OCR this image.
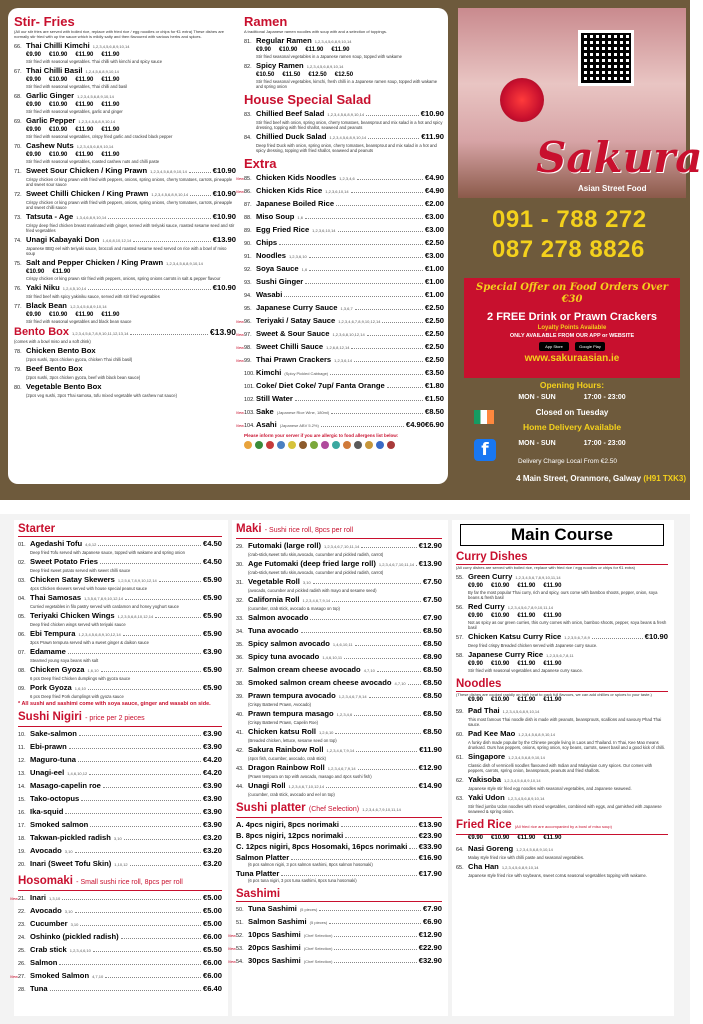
Stir- Fries
(All our stir fries are served with boiled rice, replace with fried rice / egg noodles or chips for €1 extra) These dishes are normally stir fried with up the sauce which is mildly salty and then flavoured with various herbs and spices.
66. Thai Chilli Kimchi 1,2,3,4,5,6,8,9,10,14
€9.90 €10.90 €11.90 €11.90
Stir fried with seasonal vegetables. Thai chilli with kimchi and spicy sauce
67. Thai Chilli Basil 1,2,4,5,6,8,9,10,14
€9.90 €10.90 €11.90 €11.90
Stir fried with seasonal vegetables, Thai chilli and basil
68. Garlic Ginger 1,2,3,4,5,6,8,9,10,14
€9.90 €10.90 €11.90 €11.90
Stir fried with seasonal vegetables, garlic and ginger
69. Garlic Pepper 1,2,3,4,5,6,8,9,10,14
€9.90 €10.90 €11.90 €11.90
Stir fried with seasonal vegetables, crispy fried garlic and cracked black pepper
70. Cashew Nuts 1,2,3,4,5,6,8,9,10,14
€9.90 €10.90 €11.90 €11.90
Stir fried with seasonal vegetables, roasted cashew nuts and chilli paste
71. Sweet Sour Chicken / King Prawn 1,2,3,4,5,6,8,9,10,14	€10.90
Crispy chicken or king prawn with fried with peppers, onions, spring onions, cherry tomatoes, carrots, pineapple and sweet sour sauce
72. Sweet Chilli Chicken / King Prawn 1,2,3,4,5,6,8,9,10,14	€10.90
Crispy chicken or king prawn with fried with peppers, onions, spring onions, cherry tomatoes, carrots, pineapple and sweet chilli sauce
73. Tatsuta - Age 1,3,4,6,8,9,10,14	€10.90
Crispy deep fried chicken breast marinated with ginger, served with teriyaki sauce, roasted sesame seed and stir fried vegetables
74. Unagi Kabayaki Don 1,4,6,8,10,12,14	€13.90
Japanese BBQ eel with teriyaki sauce, broccoli and roasted sesame seed served on rice with a bowl of miso soup
75. Salt and Pepper Chicken / King Prawn 1,2,3,4,5,6,8,9,10,14
€10.90 €11.90
Crispy chicken or king prawn stir fried with peppers, onions, spring onions carrots in salt & pepper flavour
76. Yaki Niku 1,2,4,5,10,14	€10.90
Stir fried beef with spicy yakiniku sauce, served with stir fried vegetables
77. Black Bean 1,2,3,4,5,6,8,9,10,14
€9.90 €10.90 €11.90 €11.90
Stir fried with seasonal vegetables and black bean sauce
Bento Box 1,2,3,4,5,6,7,8,9,10,11,12,13,14	€13.90
(comes with a bowl miso and a soft drink)
78. Chicken Bento Box
(2pcs sushi, 3pcs chicken gyoza, chicken Thai chilli basil)
79. Beef Bento Box
(2pcs sushi, 3pcs chicken gyoza, beef with black bean sauce)
80. Vegetable Bento Box
(2pcs veg sushi, 3pcs Thai samosa, tofu mixed vegetable with cashew nut sauce)
Ramen
A traditional Japanese ramen noodles with soup with and a selection of toppings.
81. Regular Ramen 1,2,3,4,5,6,8,9,10,14
€9.90 €10.90 €11.90 €11.90
Stir fried seasonal vegetables in a Japanese ramen soup, topped with wakame
82. Spicy Ramen 1,2,3,4,5,6,8,9,10,14
€10.50 €11.50 €12.50 €12.50
Stir fried seasonal vegetables, kimchi, fresh chilli in a Japanese ramen soup, topped with wakame and spring onion
House Special Salad
83. Chillied Beef Salad 1,2,3,4,5,6,8,9,10,14	€10.90
Stir fried beef with onion, spring onion, cherry tomatoes, beansprout and mix salad in a hot and spicy dressing, topping with fried shallot, seaweed and peanuts
84. Chillied Duck Salad 1,2,3,4,5,6,8,9,10,14	€11.90
Deep fried Duck with onion, spring onion, cherry tomatoes, beansprout and mix salad in a hot and spicy dressing, topping with fried shallot, seaweed and peanuts
Extra
New 85. Chicken Kids Noodles 1,2,3,4,6	€4.90
New 86. Chicken Kids Rice 1,2,3,6,10,14	€4.90
87. Japanese Boiled Rice	€2.00
88. Miso Soup 1,6	€3.00
89. Egg Fried Rice 1,2,3,6,10,14	€3.00
90. Chips	€2.50
91. Noodles 1,2,3,6,10	€3.00
92. Soya Sauce 1,6	€1.00
93. Sushi Ginger	€1.00
94. Wasabi	€1.00
95. Japanese Curry Sauce 1,3,6,7	€2.50
New 96. Teriyaki / Satay Sauce 1,2,3,4,6,7,8,9,10,12,14	€2.50
New 97. Sweet & Sour Sauce 1,2,3,6,8,10,12,14	€2.50
New 98. Sweet Chilli Sauce 1,2,6,8,12,14	€2.50
New 99. Thai Prawn Crackers 1,2,3,6,14	€2.50
100. Kimchi (Spicy Pickled Cabbage)	€3.50
101. Coke/ Diet Coke/ 7up/ Fanta Orange	€1.80
102. Still Water	€1.50
New 103. Sake (Japanese Rice Wine, 180ml)	€8.50
New 104. Asahi (Japanese ABV 5.2%)	€4.90 €6.90
Please inform your server if you are allergic to food allergens list below:
Sakura
Asian Street Food
091 - 788 272
087 278 8826
Special Offer on Food Orders Over €30
2 FREE Drink or Prawn Crackers
Loyalty Points Available
ONLY AVAILABLE FROM OUR APP or WEBSITE
App Store	Google Play
www.sakuraasian.ie
Opening Hours:
MON - SUN	17:00 - 23:00
Closed on Tuesday
Home Delivery Available
MON - SUN	17:00 - 23:00
f
Delivery Charge Local From €2.50
4 Main Street, Oranmore, Galway (H91 TXK3)
Starter
01. Agedashi Tofu 4,6,12	€4.50
Deep fried Tofu served with Japanese sauce, topped with wakame and spring onion
02. Sweet Potato Fries	€4.50
Deep fried sweet potato served with sweet chilli sauce
03. Chicken Satay Skewers 1,2,5,6,7,8,9,10,12,14	€5.90
4pcs Chicken skewers served with house special peanut sauce
04. Thai Samosas 1,3,5,6,7,8,9,10,12,14	€5.90
Curried vegetables in filo pastry served with cardamon and honey yoghurt sauce
05. Teriyaki Chicken Wings 1,2,3,5,6,8,10,12,14	€5.90
Deep fried chicken wings served with teriyaki sauce
06. Ebi Tempura 1,2,3,4,5,6,8,9,10,12,14	€5.90
3pcs Prawn tempura served with a sweet ginger & daikon sauce
07. Edamame	€3.90
Steamed young soya beans with salt
08. Chicken Gyoza 1,6,10	€5.90
6 pcs Deep fried Chicken dumplings with gyoza sauce
09. Pork Gyoza 1,6,10	€5.90
6 pcs Deep fried Pork dumplings with gyoza sauce
* All sushi and sashimi come with soya sauce, ginger and wasabi on side.
Sushi Nigiri - price per 2 pieces
10. Sake-salmon	€3.90
11. Ebi-prawn	€3.90
12. Maguro-tuna	€4.20
13. Unagi-eel 1,4,6,10,12	€4.20
14. Masago-capelin roe	€3.90
15. Tako-octopus	€3.90
16. Ika-squid	€3.90
17. Smoked salmon	€3.90
18. Takwan-pickled radish 3,10	€3.20
19. Avocado 3,10	€3.20
20. Inari (Sweet Tofu Skin) 1,10,12	€3.20
Hosomaki - Small sushi rice roll, 8pcs per roll
New 21. Inari 1,3,10	€5.00
22. Avocado 3,10	€5.00
23. Cucumber 3,10	€5.00
24. Oshinko (pickled radish)	€6.00
25. Crab stick 1,2,3,4,6,10	€5.50
26. Salmon	€6.00
New 27. Smoked Salmon 4,7,10	€6.00
28. Tuna	€6.40
Maki - Sushi rice roll, 8pcs per roll
29. Futomaki (large roll) 1,2,3,4,6,7,10,11,14	€12.90
(crab-stick,sweet tofu skin,avocado, cucumber and pickled radish, carrot)
30. Age Futomaki (deep fried large roll) 1,2,3,4,6,7,10,11,14 €13.90
(crab-stick,sweet tofu skin,avocado, cucumber and pickled radish, carrot)
31. Vegetable Roll 3,10	€7.50
(avocado, cucumber and pickled radish with mayo and sesame seed)
32. California Roll 1,2,3,4,6,7,9,14	€7.50
(cucumber, crab stick, avocado & masago on top)
33. Salmon avocado	€7.90
34. Tuna avocado	€8.50
35. Spicy salmon avocado 1,4,6,10,11	€8.50
36. Spicy tuna avocado 1,4,6,10,11	€8.90
37. Salmon cream cheese avocado 4,7,10	€8.50
38. Smoked salmon cream cheese avocado 4,7,10 €8.50
39. Prawn tempura avocado 1,2,3,4,6,7,9,14	€8.50
(Crispy Battered Prawn, Avocado)
40. Prawn tempura masago 1,2,3,4,6	€8.50
(Crispy Battered Prawn, Capelin Roe)
41. Chicken katsu Roll 1,2,6,10	€8.50
(Breaded chicken, lettuce, sesame seed on top)
42. Sakura Rainbow Roll 1,2,3,4,6,7,9,14	€11.90
(4pcs fish, cucumber, avocado, crab stick)
43. Dragon Rainbow Roll 1,2,3,4,6,7,9,14	€12.90
(Prawn tempura on top with avocado, masago and 4pcs sushi fish)
44. Unagi Roll 1,2,3,4,6,7,10,12,14	€14.90
(cucumber, crab stick, avocado and eel on top)
Sushi platter (Chef Selection) 1,2,3,4,6,7,9,10,11,14
A. 4pcs nigiri, 8pcs norimaki	€13.90
B. 8pcs nigiri, 12pcs norimaki	€23.90
C. 12pcs nigiri, 8pcs Hosomaki, 16pcs norimaki €33.90
Salmon Platter	€16.90
(6 pcs salmon nigiri, 3 pcs salmon sashimi, 8pcs salmon hosomaki)
Tuna Platter	€17.90
(6 pcs tuna nigiri, 3 pcs tuna sashimi, 8pcs tuna hosomaki)
Sashimi
50. Tuna Sashimi (5 pieces)	€7.90
51. Salmon Sashimi (5 pieces)	€6.90
New 52. 10pcs Sashimi (Chef Selection)	€12.90
New 53. 20pcs Sashimi (Chef Selection)	€22.90
New 54. 30pcs Sashimi (Chef Selection)	€32.90
Main Course
Curry Dishes
(All curry dishes are served with boiled rice, replace with fried rice / egg noodles or chips for €1 extra)
55. Green Curry 1,2,3,4,5,6,7,8,9,10,11,14
€9.90 €10.90 €11.90 €11.90
By far the most popular Thai curry, rich and spicy, ours come with bamboo shoots, pepper, onion, soya beans & fresh basil
56. Red Curry 1,2,3,4,5,6,7,8,9,10,11,14
€9.90 €10.90 €11.90 €11.90
Not as spicy as our green curries, this curry comes with onion, bamboo shoots, pepper, soya beans & fresh basil
57. Chicken Katsu Curry Rice 1,2,3,5,6,7,8,9	€10.90
Deep fried crispy Breaded chicken served with Japanese curry sauce.
58. Japanese Curry Rice 1,2,3,5,6,7,8,11
€9.90 €10.90 €11.90 €11.90
Stir fried with seasonal vegetables and Japanese curry sauce.
Noodles
(These dishes are cooked rapidly on high heat to pack full flavours, we can add chillies or spices to your taste.)
€9.90 €10.90 €11.90 €11.90
59. Pad Thai 1,2,3,4,5,6,8,9,10,14
This most famous Thai noodle dish is made with peanuts, beansprouts, scallions and savoury Phad Thai sauce.
60. Pad Kee Mao 1,2,3,4,5,6,8,9,10,14
A funky dish made popular by the Chinese people living in Laos and Thailand. In Thai, Kee Mao means drunkard. Ours has peppers, onions, spring onion, soy beans, carrots, sweet basil and a good kick of chilli.
61. Singapore 1,2,3,4,5,6,8,9,10,14
Classic dish of vermicelli noodles flavoured with Indian and Malaysian curry spices. Our comes with peppers, carrots, spring onion, beansprouts, peanuts and fried shallots.
62. Yakisoba 1,2,3,4,5,6,8,9,10,14
Japanese style stir fried egg noodles with seasonal vegetables, and Japanese seaweed.
63. Yaki Udon 1,2,3,4,5,6,8,9,10,14
Stir fried jumbo Udon noodles with mixed vegetables, combined with eggs, and garnished with Japanese seaweed & spring onion.
Fried Rice (All fried rice are accompanied by a bowl of miso soup)
€9.90 €10.90 €11.90 €11.90
64. Nasi Goreng 1,2,3,4,5,6,8,9,10,14
Malay style fried rice with chilli paste and seasonal vegetables.
65. Cha Han 1,2,3,4,5,6,8,9,10,14
Japanese style fried rice with soybeans, sweet corn& seasonal vegetables topping with wakame.
